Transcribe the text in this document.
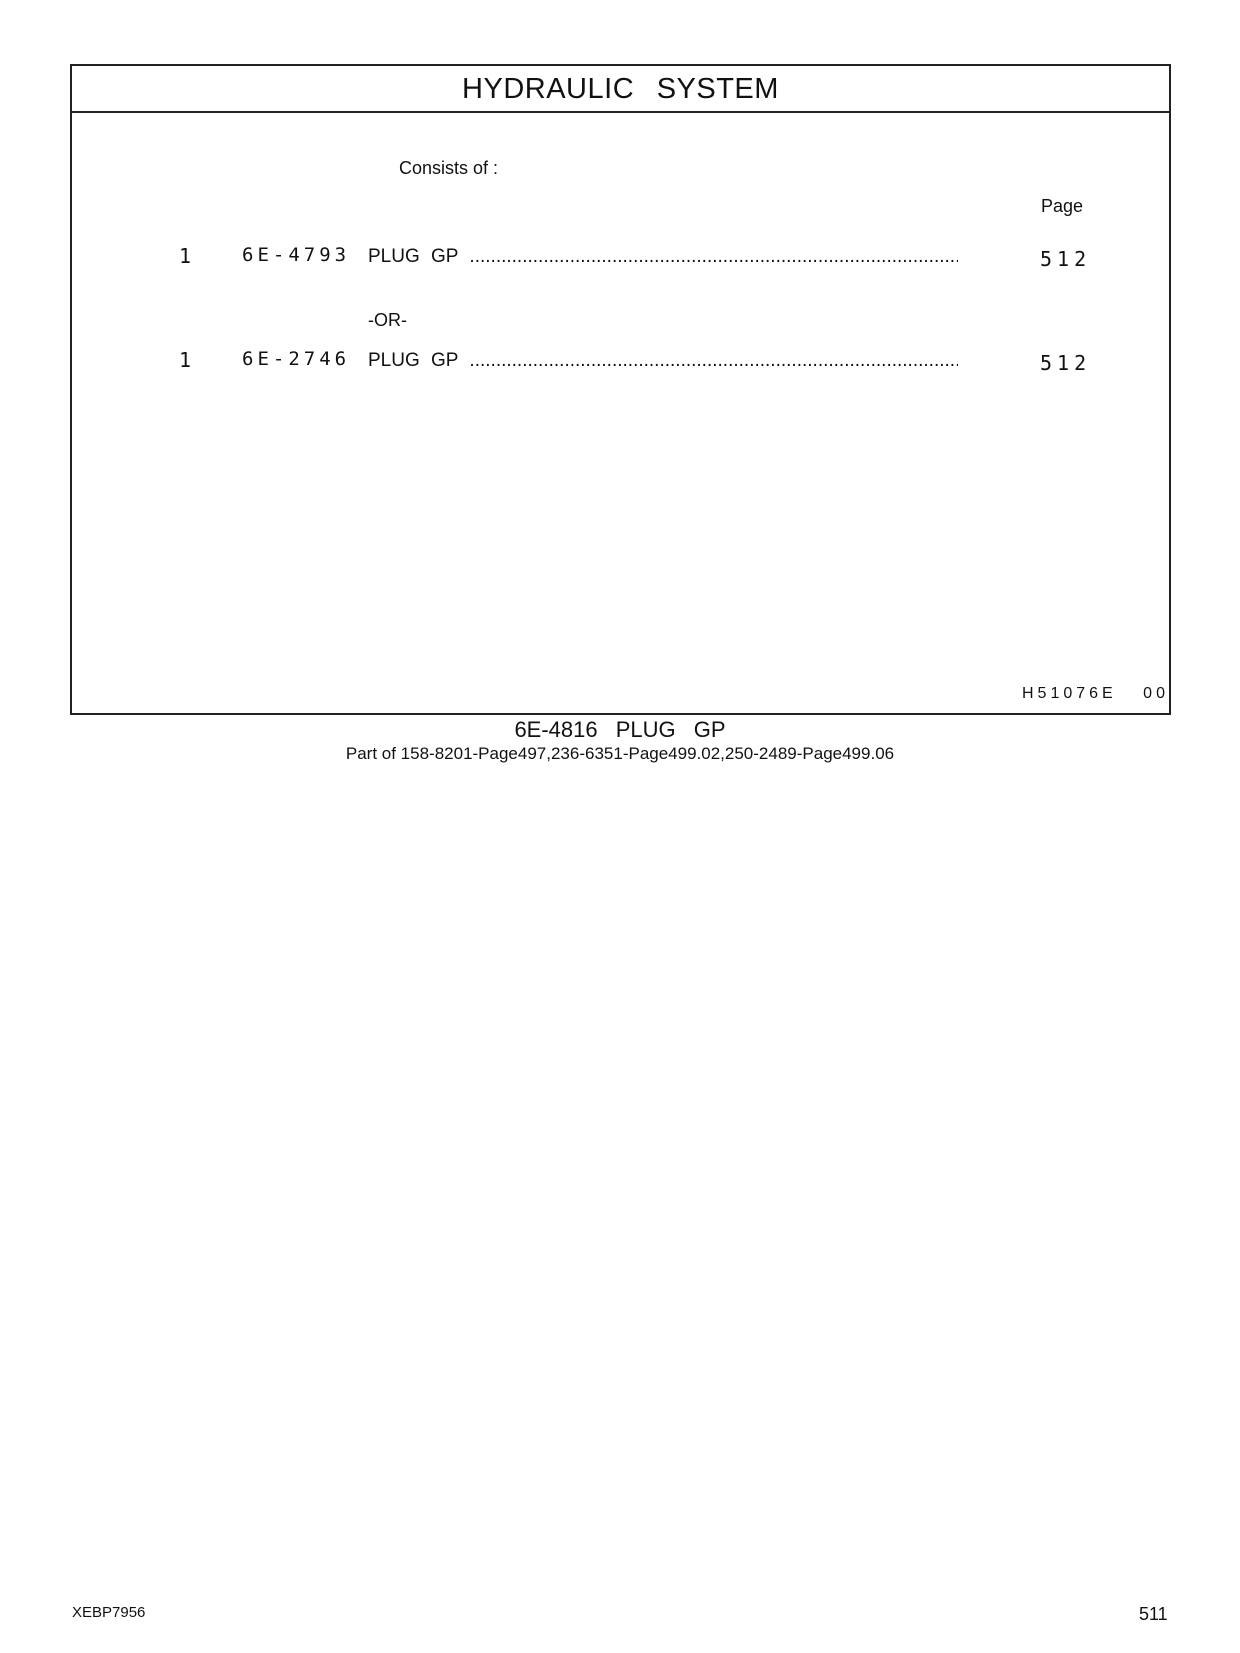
HYDRAULIC SYSTEM
Consists of :
Page
1	6E-4793 PLUG GP .....	512
-OR-
1	6E-2746 PLUG GP .....	512
H51076E 00
6E-4816 PLUG GP
Part of 158-8201-Page497,236-6351-Page499.02,250-2489-Page499.06
XEBP7956	511
